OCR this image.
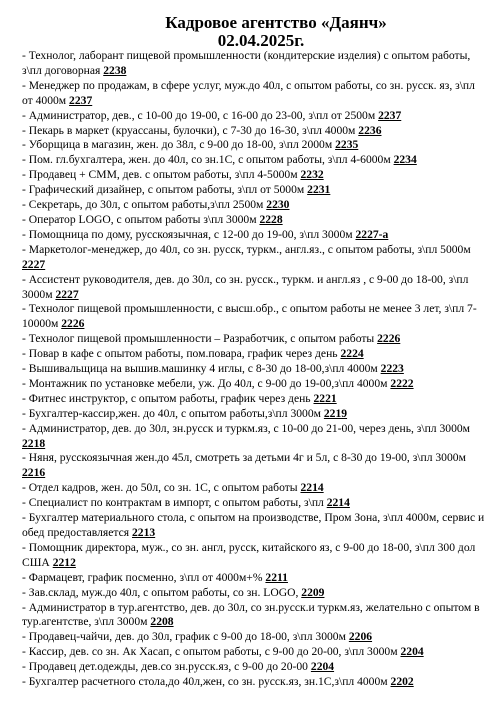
Кадровое агентство «Даянч»
02.04.2025г.
- Технолог, лаборант пищевой промышленности (кондитерские изделия) с опытом работы, з\пл договорная 2238
- Менеджер по продажам, в сфере услуг, муж.до 40л, с опытом работы, со зн. русск. яз, з\пл от 4000м 2237
- Администратор, дев., с 10-00 до 19-00, с 16-00 до 23-00, з\пл от 2500м 2237
- Пекарь в маркет (круассаны, булочки), с 7-30 до 16-30, з\пл 4000м 2236
- Уборщица в магазин, жен. до 38л, с 9-00 до 18-00, з\пл 2000м 2235
- Пом. гл.бухгалтера, жен. до 40л, со зн.1С, с опытом работы, з\пл 4-6000м 2234
- Продавец + СММ, дев. с опытом работы, з\пл 4-5000м 2232
- Графический дизайнер, с опытом работы, з\пл от 5000м 2231
- Секретарь, до 30л, с опытом работы,з\пл 2500м 2230
- Оператор LOGO, с опытом работы з\пл 3000м 2228
- Помощница по дому, русскоязычная, с 12-00 до 19-00, з\пл 3000м 2227-а
- Маркетолог-менеджер, до 40л, со зн. русск, туркм., англ.яз., с опытом работы, з\пл 5000м 2227
- Ассистент руководителя, дев. до 30л, со зн. русск., туркм. и англ.яз , с 9-00 до 18-00, з\пл 3000м 2227
- Технолог пищевой промышленности, с высш.обр., с опытом работы не менее 3 лет, з\пл 7-10000м 2226
- Технолог пищевой промышленности – Разработчик, с опытом работы 2226
- Повар в кафе с опытом работы, пом.повара, график через день 2224
- Вышивальщица на вышив.машинку 4 иглы, с 8-30 до 18-00,з\пл 4000м 2223
- Монтажник по установке мебели, уж. До 40л, с 9-00 до 19-00,з\пл 4000м 2222
- Фитнес инструктор, с опытом работы, график через день 2221
- Бухгалтер-кассир,жен. до 40л, с опытом работы,з\пл 3000м 2219
- Администратор, дев. до 30л, зн.русск и туркм.яз, с 10-00 до 21-00, через день, з\пл 3000м 2218
- Няня, русскоязычная жен.до 45л, смотреть за детьми 4г и 5л, с 8-30 до 19-00, з\пл 3000м 2216
- Отдел кадров, жен. до 50л, со зн. 1С, с опытом работы 2214
- Специалист по контрактам в импорт, с опытом работы, з\пл 2214
- Бухгалтер материального стола, с опытом на производстве, Пром Зона, з\пл 4000м, сервис и обед предоставляется 2213
- Помощник директора, муж., со зн. англ, русск, китайского яз, с 9-00 до 18-00, з\пл 300 дол США 2212
- Фармацевт, график посменно, з\пл от 4000м+% 2211
- Зав.склад, муж.до 40л, с опытом работы, со зн. LOGO, 2209
- Администратор в тур.агентство, дев. до 30л, со зн.русск.и туркм.яз, желательно с опытом в тур.агентстве, з\пл 3000м 2208
- Продавец-чайчи, дев. до 30л, график с 9-00 до 18-00, з\пл 3000м 2206
- Кассир, дев. со зн. Ак Хасап, с опытом работы, с 9-00 до 20-00, з\пл 3000м 2204
- Продавец дет.одежды, дев.со зн.русск.яз, с 9-00 до 20-00 2204
- Бухгалтер расчетного стола,до 40л,жен, со зн. русск.яз, зн.1С,з\пл 4000м 2202
